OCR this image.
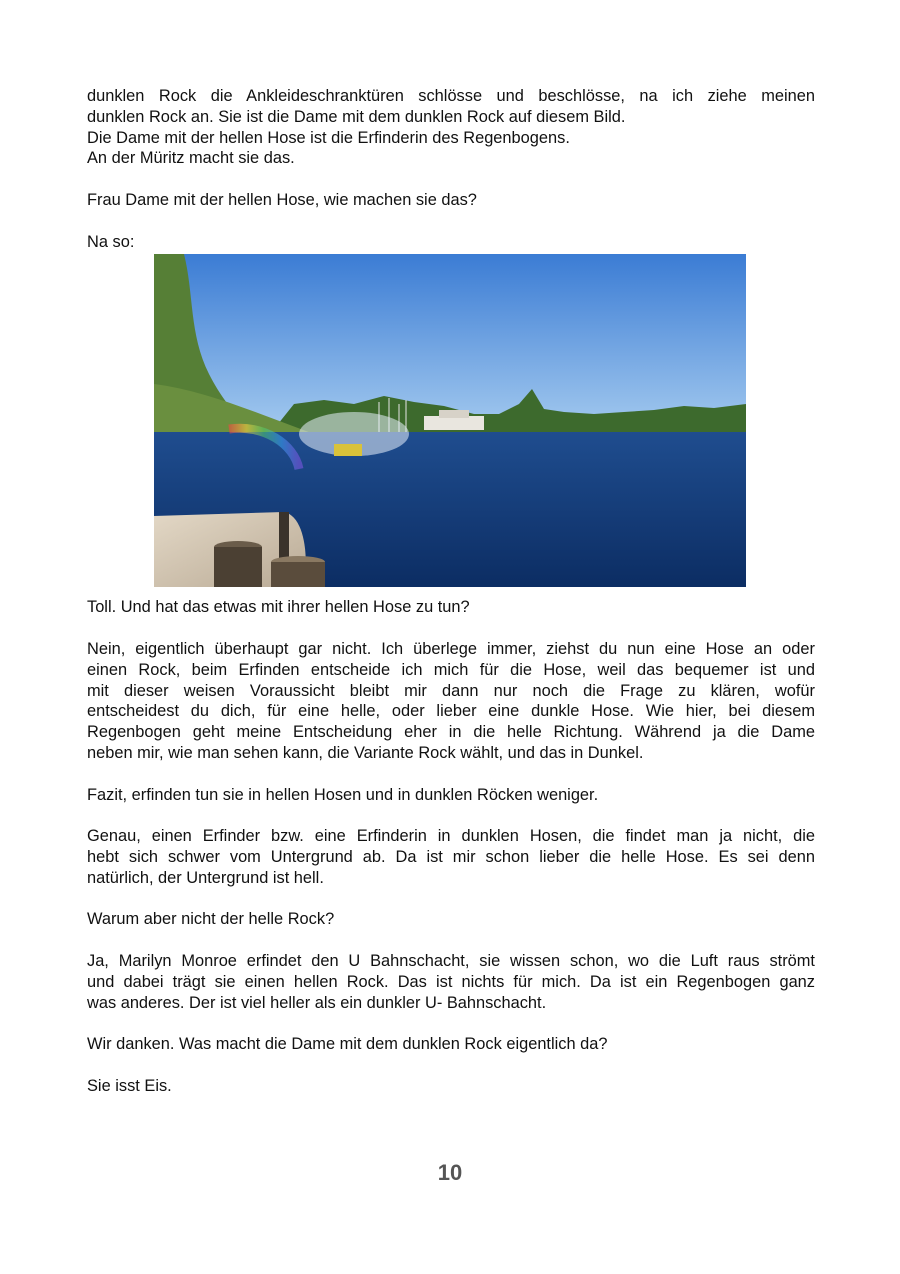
dunklen Rock die Ankleideschranktüren schlösse und beschlösse, na ich ziehe meinen
dunklen Rock an. Sie ist die Dame mit dem dunklen Rock auf diesem Bild.
Die Dame mit der hellen Hose ist die Erfinderin des Regenbogens.
An der Müritz macht sie das.

Frau Dame mit der hellen Hose, wie machen sie das?

Na so:

Toll. Und hat das etwas mit ihrer hellen Hose zu tun?

Nein, eigentlich überhaupt gar nicht. Ich überlege immer, ziehst du nun eine Hose an oder
einen Rock, beim Erfinden entscheide ich mich für die Hose, weil das bequemer ist und
mit dieser weisen Voraussicht bleibt mir dann nur noch die Frage zu klären, wofür
entscheidest du dich, für eine helle, oder lieber eine dunkle Hose. Wie hier, bei diesem
Regenbogen geht meine Entscheidung eher in die helle Richtung. Während ja die Dame
neben mir, wie man sehen kann, die Variante Rock wählt, und das in Dunkel.

Fazit, erfinden tun sie in hellen Hosen und in dunklen Röcken weniger.

Genau, einen Erfinder bzw. eine Erfinderin in dunklen Hosen, die findet man ja nicht, die
hebt sich schwer vom Untergrund ab. Da ist mir schon lieber die helle Hose. Es sei denn
natürlich, der Untergrund ist hell.

Warum aber nicht der helle Rock?

Ja, Marilyn Monroe erfindet den U Bahnschacht, sie wissen schon, wo die Luft raus strömt
und dabei trägt sie einen hellen Rock. Das ist nichts für mich. Da ist ein Regenbogen ganz
was anderes. Der ist viel heller als ein dunkler U- Bahnschacht.

Wir danken. Was macht die Dame mit dem dunklen Rock eigentlich da?

Sie isst Eis.

10
